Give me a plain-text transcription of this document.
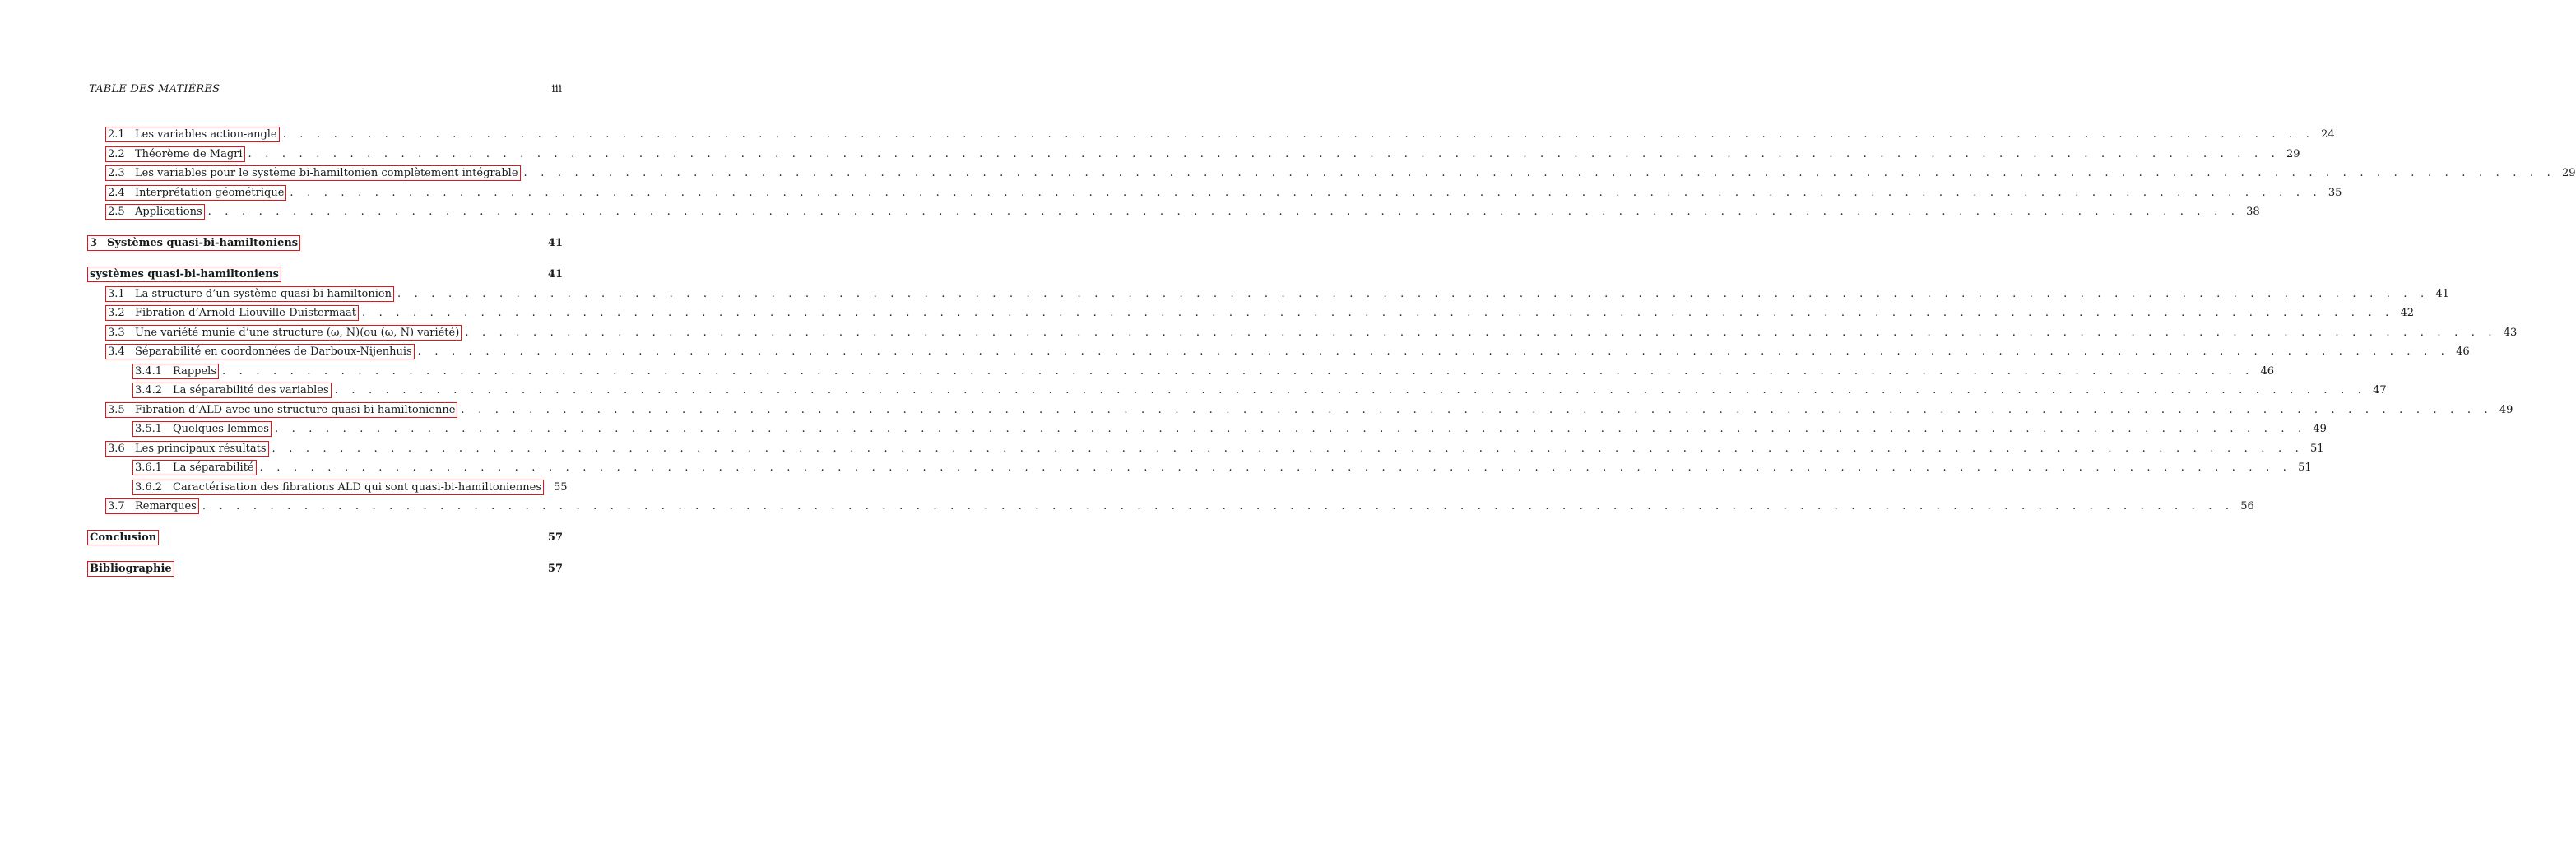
TABLE DES MATIÈRES	iii
2.1 Les variables action-angle . . . . . . . . . . . . . . . . . . . . . . . . . . . . . . . . . . . . . . . . . . . . . . . . . . . . . . . . . . . . . . . . . . . . . . . . . . . . . . . . . . . . . . . . . . . . . . . . . . . . . . . . . . . . . . . . . . . . . . . . 24
2.2 Théorème de Magri . . . . . . . . . . . . . . . . . . . . . . . . . . . . . . . . . . . . . . . . . . . . . . . . . . . . . . . . . . . . . . . . . . . . . . . . . . . . . . . . . . . . . . . . . . . . . . . . . . . . . . . . . . . . . . . . . . . . . . . . 29
2.3 Les variables pour le système bi-hamiltonien complètement intégrable . . . . . . . . . . . . . . . . . . . . . . . . . . . . . . . . . . . . . . . . . . . . . . . . . . . . . . . . . . . . . . . . . . . . . . . . . . . . . . . . . . . . . . . . . . . . . . . . . . . . . . . . . . . . . . . . . . . . . . . . 29
2.4 Interprétation géométrique . . . . . . . . . . . . . . . . . . . . . . . . . . . . . . . . . . . . . . . . . . . . . . . . . . . . . . . . . . . . . . . . . . . . . . . . . . . . . . . . . . . . . . . . . . . . . . . . . . . . . . . . . . . . . . . . . . . . . . . . 35
2.5 Applications . . . . . . . . . . . . . . . . . . . . . . . . . . . . . . . . . . . . . . . . . . . . . . . . . . . . . . . . . . . . . . . . . . . . . . . . . . . . . . . . . . . . . . . . . . . . . . . . . . . . . . . . . . . . . . . . . . . . . . . . 38
3 Systèmes quasi-bi-hamiltoniens	41
systèmes quasi-bi-hamiltoniens	41
3.1 La structure d’un système quasi-bi-hamiltonien . . . . . . . . . . . . . . . . . . . . . . . . . . . . . . . . . . . . . . . . . . . . . . . . . . . . . . . . . . . . . . . . . . . . . . . . . . . . . . . . . . . . . . . . . . . . . . . . . . . . . . . . . . . . . . . . . . . . . . . . 41
3.2 Fibration d’Arnold-Liouville-Duistermaat . . . . . . . . . . . . . . . . . . . . . . . . . . . . . . . . . . . . . . . . . . . . . . . . . . . . . . . . . . . . . . . . . . . . . . . . . . . . . . . . . . . . . . . . . . . . . . . . . . . . . . . . . . . . . . . . . . . . . . . . 42
3.3 Une variété munie d’une structure (ω, N)(ou (ω, N) variété) . . . . . . . . . . . . . . . . . . . . . . . . . . . . . . . . . . . . . . . . . . . . . . . . . . . . . . . . . . . . . . . . . . . . . . . . . . . . . . . . . . . . . . . . . . . . . . . . . . . . . . . . . . . . . . . . . . . . . . . . 43
3.4 Séparabilité en coordonnées de Darboux-Nijenhuis . . . . . . . . . . . . . . . . . . . . . . . . . . . . . . . . . . . . . . . . . . . . . . . . . . . . . . . . . . . . . . . . . . . . . . . . . . . . . . . . . . . . . . . . . . . . . . . . . . . . . . . . . . . . . . . . . . . . . . . . 46
3.4.1 Rappels . . . . . . . . . . . . . . . . . . . . . . . . . . . . . . . . . . . . . . . . . . . . . . . . . . . . . . . . . . . . . . . . . . . . . . . . . . . . . . . . . . . . . . . . . . . . . . . . . . . . . . . . . . . . . . . . . . . . . . . . 46
3.4.2 La séparabilité des variables . . . . . . . . . . . . . . . . . . . . . . . . . . . . . . . . . . . . . . . . . . . . . . . . . . . . . . . . . . . . . . . . . . . . . . . . . . . . . . . . . . . . . . . . . . . . . . . . . . . . . . . . . . . . . . . . . . . . . . . . 47
3.5 Fibration d’ALD avec une structure quasi-bi-hamiltonienne . . . . . . . . . . . . . . . . . . . . . . . . . . . . . . . . . . . . . . . . . . . . . . . . . . . . . . . . . . . . . . . . . . . . . . . . . . . . . . . . . . . . . . . . . . . . . . . . . . . . . . . . . . . . . . . . . . . . . . . . 49
3.5.1 Quelques lemmes . . . . . . . . . . . . . . . . . . . . . . . . . . . . . . . . . . . . . . . . . . . . . . . . . . . . . . . . . . . . . . . . . . . . . . . . . . . . . . . . . . . . . . . . . . . . . . . . . . . . . . . . . . . . . . . . . . . . . . . . 49
3.6 Les principaux résultats . . . . . . . . . . . . . . . . . . . . . . . . . . . . . . . . . . . . . . . . . . . . . . . . . . . . . . . . . . . . . . . . . . . . . . . . . . . . . . . . . . . . . . . . . . . . . . . . . . . . . . . . . . . . . . . . . . . . . . . . 51
3.6.1 La séparabilité . . . . . . . . . . . . . . . . . . . . . . . . . . . . . . . . . . . . . . . . . . . . . . . . . . . . . . . . . . . . . . . . . . . . . . . . . . . . . . . . . . . . . . . . . . . . . . . . . . . . . . . . . . . . . . . . . . . . . . . . 51
3.6.2 Caractérisation des fibrations ALD qui sont quasi-bi-hamiltoniennes 55
3.7 Remarques . . . . . . . . . . . . . . . . . . . . . . . . . . . . . . . . . . . . . . . . . . . . . . . . . . . . . . . . . . . . . . . . . . . . . . . . . . . . . . . . . . . . . . . . . . . . . . . . . . . . . . . . . . . . . . . . . . . . . . . . 56
Conclusion	57
Bibliographie	57
